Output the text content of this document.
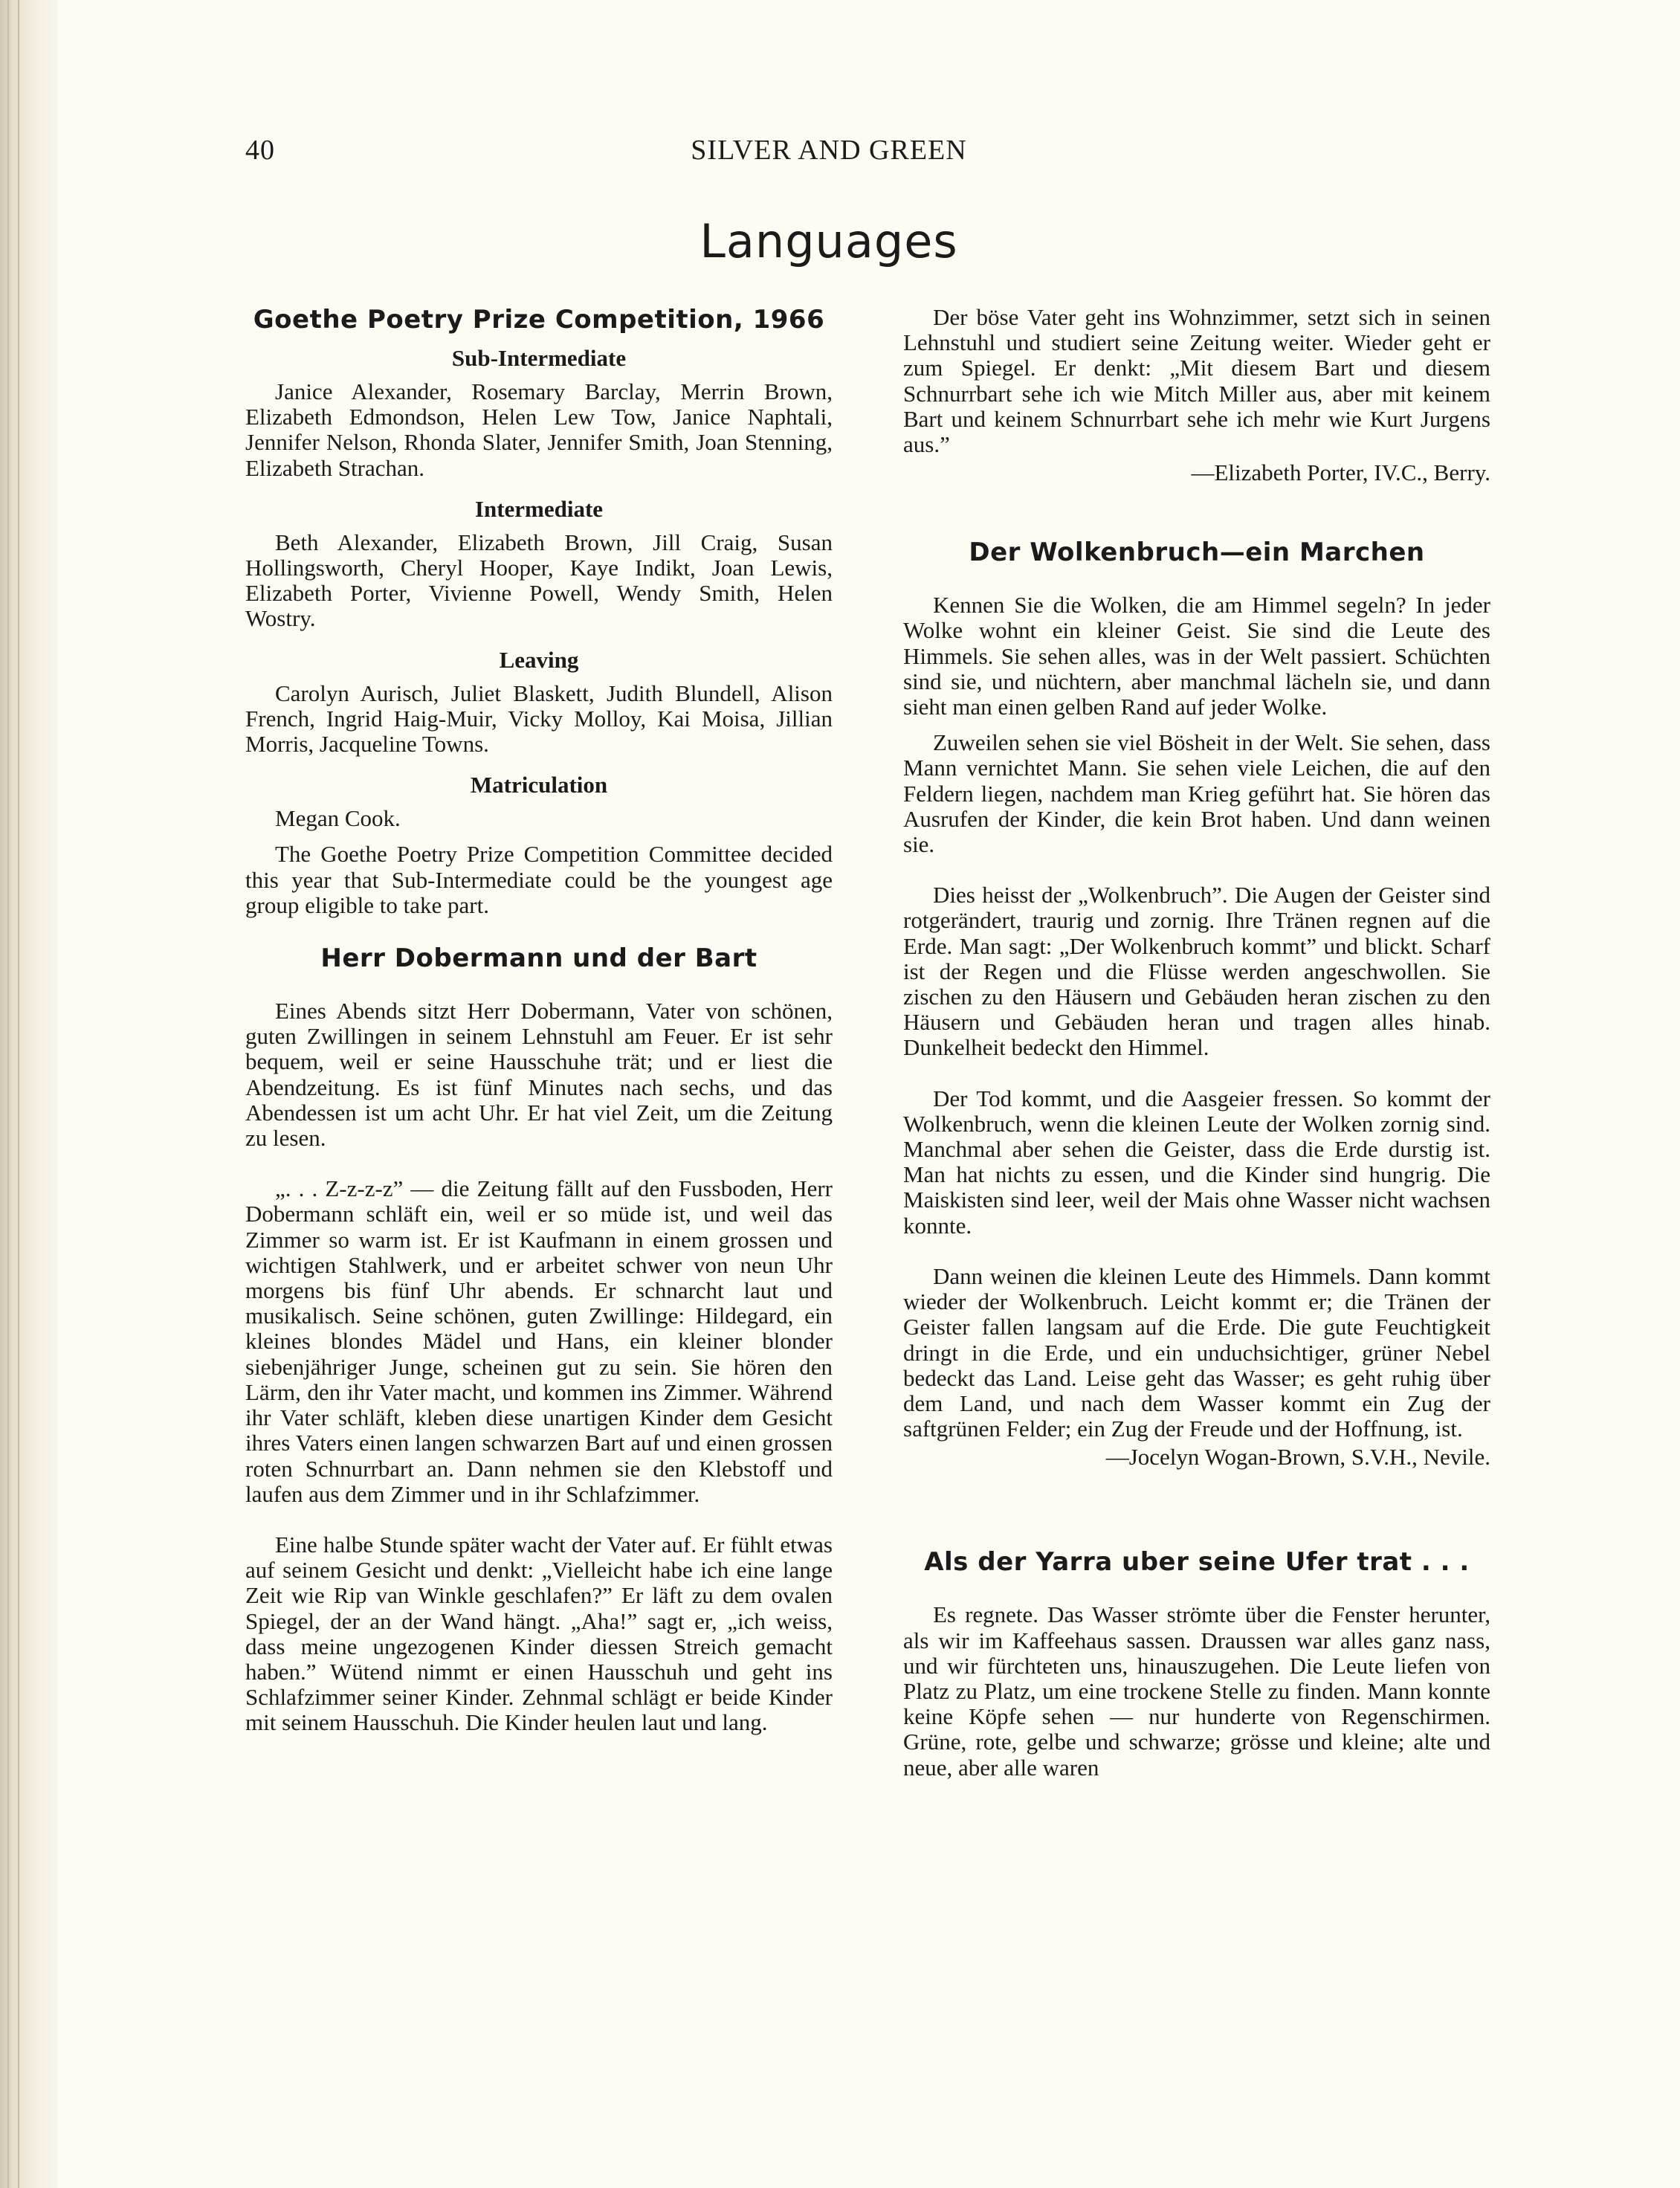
40	SILVER AND GREEN
Languages
Goethe Poetry Prize Competition, 1966
Sub-Intermediate

Janice Alexander, Rosemary Barclay, Merrin Brown, Elizabeth Edmondson, Helen Lew Tow, Janice Naphtali, Jennifer Nelson, Rhonda Slater, Jennifer Smith, Joan Stenning, Elizabeth Strachan.

Intermediate

Beth Alexander, Elizabeth Brown, Jill Craig, Susan Hollingsworth, Cheryl Hooper, Kaye Indikt, Joan Lewis, Elizabeth Porter, Vivienne Powell, Wendy Smith, Helen Wostry.

Leaving

Carolyn Aurisch, Juliet Blaskett, Judith Blundell, Alison French, Ingrid Haig-Muir, Vicky Molloy, Kai Moisa, Jillian Morris, Jacqueline Towns.

Matriculation

Megan Cook.

The Goethe Poetry Prize Competition Committee decided this year that Sub-Intermediate could be the youngest age group eligible to take part.

Herr Dobermann und der Bart

Eines Abends sitzt Herr Dobermann, Vater von schönen, guten Zwillingen in seinem Lehnstuhl am Feuer. Er ist sehr bequem, weil er seine Hausschuhe trät; und er liest die Abendzeitung. Es ist fünf Minutes nach sechs, und das Abendessen ist um acht Uhr. Er hat viel Zeit, um die Zeitung zu lesen.

„. . . Z-z-z-z” — die Zeitung fällt auf den Fussboden, Herr Dobermann schläft ein, weil er so müde ist, und weil das Zimmer so warm ist. Er ist Kaufmann in einem grossen und wichtigen Stahlwerk, und er arbeitet schwer von neun Uhr morgens bis fünf Uhr abends. Er schnarcht laut und musikalisch. Seine schönen, guten Zwillinge: Hildegard, ein kleines blondes Mädel und Hans, ein kleiner blonder siebenjähriger Junge, scheinen gut zu sein. Sie hören den Lärm, den ihr Vater macht, und kommen ins Zimmer. Während ihr Vater schläft, kleben diese unartigen Kinder dem Gesicht ihres Vaters einen langen schwarzen Bart auf und einen grossen roten Schnurrbart an. Dann nehmen sie den Klebstoff und laufen aus dem Zimmer und in ihr Schlafzimmer.

Eine halbe Stunde später wacht der Vater auf. Er fühlt etwas auf seinem Gesicht und denkt: „Vielleicht habe ich eine lange Zeit wie Rip van Winkle geschlafen?” Er läft zu dem ovalen Spiegel, der an der Wand hängt. „Aha!” sagt er, „ich weiss, dass meine ungezogenen Kinder diessen Streich gemacht haben.” Wütend nimmt er einen Hausschuh und geht ins Schlafzimmer seiner Kinder. Zehnmal schlägt er beide Kinder mit seinem Hausschuh. Die Kinder heulen laut und lang.

Der böse Vater geht ins Wohnzimmer, setzt sich in seinen Lehnstuhl und studiert seine Zeitung weiter. Wieder geht er zum Spiegel. Er denkt: „Mit diesem Bart und diesem Schnurrbart sehe ich wie Mitch Miller aus, aber mit keinem Bart und keinem Schnurrbart sehe ich mehr wie Kurt Jurgens aus.”

—Elizabeth Porter, IV.C., Berry.
Der Wolkenbruch—ein Marchen

Kennen Sie die Wolken, die am Himmel segeln? In jeder Wolke wohnt ein kleiner Geist. Sie sind die Leute des Himmels. Sie sehen alles, was in der Welt passiert. Schüchten sind sie, und nüchtern, aber manchmal lächeln sie, und dann sieht man einen gelben Rand auf jeder Wolke.

Zuweilen sehen sie viel Bösheit in der Welt. Sie sehen, dass Mann vernichtet Mann. Sie sehen viele Leichen, die auf den Feldern liegen, nachdem man Krieg geführt hat. Sie hören das Ausrufen der Kinder, die kein Brot haben. Und dann weinen sie.

Dies heisst der „Wolkenbruch”. Die Augen der Geister sind rotgerändert, traurig und zornig. Ihre Tränen regnen auf die Erde. Man sagt: „Der Wolkenbruch kommt” und blickt. Scharf ist der Regen und die Flüsse werden angeschwollen. Sie zischen zu den Häusern und Gebäuden heran zischen zu den Häusern und Gebäuden heran und tragen alles hinab. Dunkelheit bedeckt den Himmel.

Der Tod kommt, und die Aasgeier fressen. So kommt der Wolkenbruch, wenn die kleinen Leute der Wolken zornig sind. Manchmal aber sehen die Geister, dass die Erde durstig ist. Man hat nichts zu essen, und die Kinder sind hungrig. Die Maiskisten sind leer, weil der Mais ohne Wasser nicht wachsen konnte.

Dann weinen die kleinen Leute des Himmels. Dann kommt wieder der Wolkenbruch. Leicht kommt er; die Tränen der Geister fallen langsam auf die Erde. Die gute Feuchtigkeit dringt in die Erde, und ein unduchsichtiger, grüner Nebel bedeckt das Land. Leise geht das Wasser; es geht ruhig über dem Land, und nach dem Wasser kommt ein Zug der saftgrünen Felder; ein Zug der Freude und der Hoffnung, ist.

—Jocelyn Wogan-Brown, S.V.H., Nevile.
Als der Yarra uber seine Ufer trat . . .

Es regnete. Das Wasser strömte über die Fenster herunter, als wir im Kaffeehaus sassen. Draussen war alles ganz nass, und wir fürchteten uns, hinauszugehen. Die Leute liefen von Platz zu Platz, um eine trockene Stelle zu finden. Mann konnte keine Köpfe sehen — nur hunderte von Regenschirmen. Grüne, rote, gelbe und schwarze; grösse und kleine; alte und neue, aber alle waren
